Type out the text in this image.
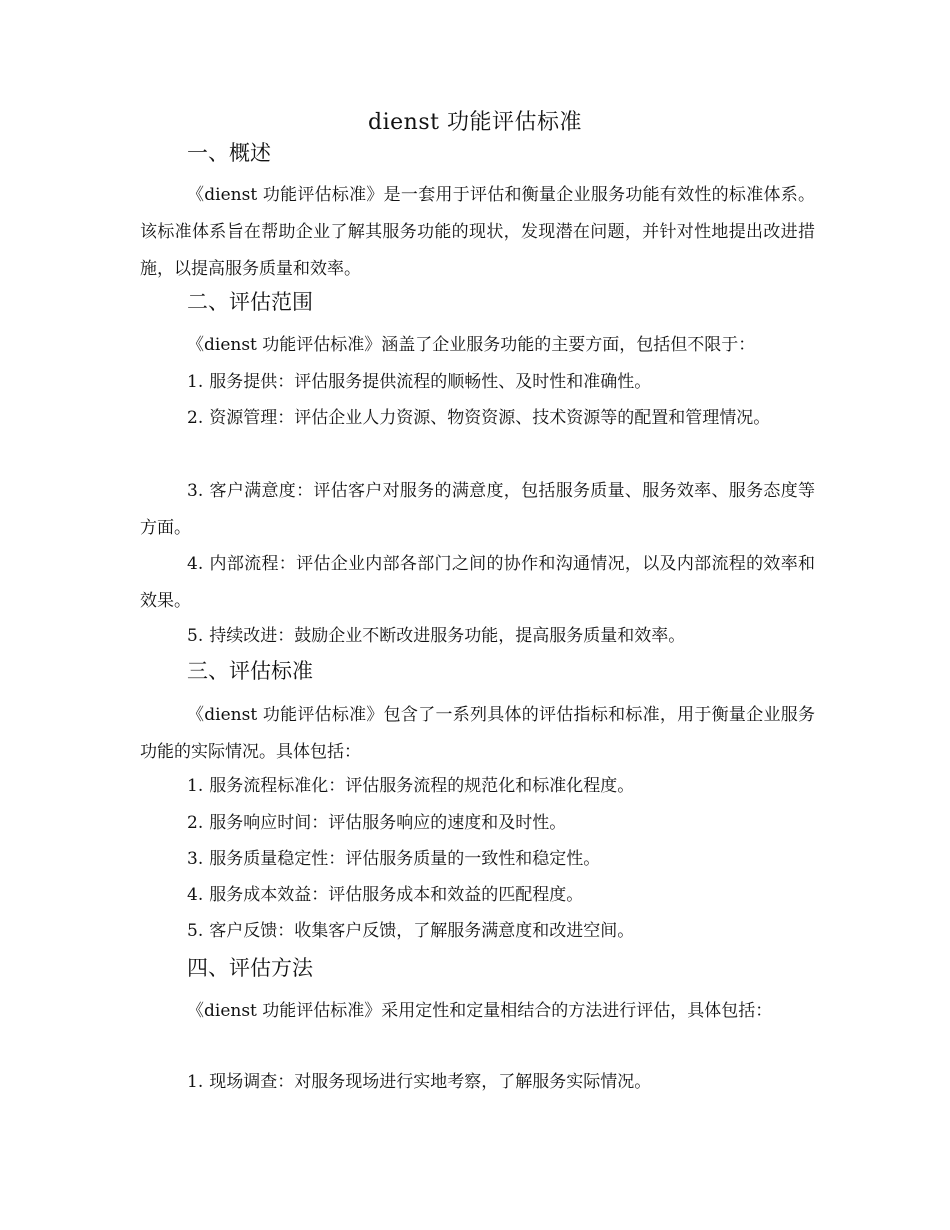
dienst 功能评估标准
一、概述
《dienst 功能评估标准》是一套用于评估和衡量企业服务功能有效性的标准体系。该标准体系旨在帮助企业了解其服务功能的现状，发现潜在问题，并针对性地提出改进措施，以提高服务质量和效率。
二、评估范围
《dienst 功能评估标准》涵盖了企业服务功能的主要方面，包括但不限于：
1. 服务提供：评估服务提供流程的顺畅性、及时性和准确性。
2. 资源管理：评估企业人力资源、物资资源、技术资源等的配置和管理情况。
3. 客户满意度：评估客户对服务的满意度，包括服务质量、服务效率、服务态度等方面。
4. 内部流程：评估企业内部各部门之间的协作和沟通情况，以及内部流程的效率和效果。
5. 持续改进：鼓励企业不断改进服务功能，提高服务质量和效率。
三、评估标准
《dienst 功能评估标准》包含了一系列具体的评估指标和标准，用于衡量企业服务功能的实际情况。具体包括：
1. 服务流程标准化：评估服务流程的规范化和标准化程度。
2. 服务响应时间：评估服务响应的速度和及时性。
3. 服务质量稳定性：评估服务质量的一致性和稳定性。
4. 服务成本效益：评估服务成本和效益的匹配程度。
5. 客户反馈：收集客户反馈，了解服务满意度和改进空间。
四、评估方法
《dienst 功能评估标准》采用定性和定量相结合的方法进行评估，具体包括：
1. 现场调查：对服务现场进行实地考察，了解服务实际情况。
